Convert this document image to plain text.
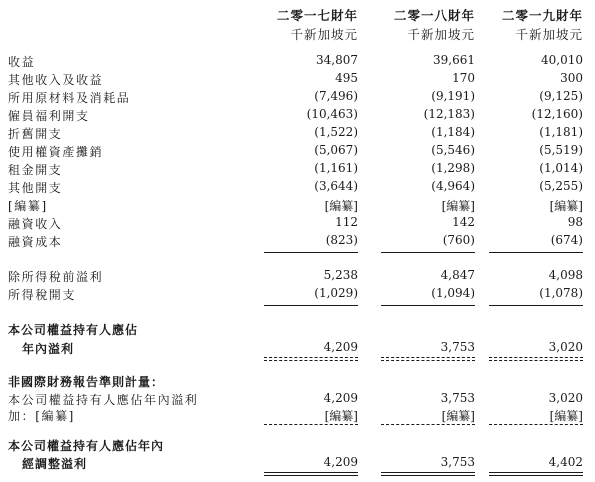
二零一七財年	二零一八財年 二零一九財年
千新加坡元	千新加坡元	千新加坡元
收益	34,807	39,661	40,010
其他收入及收益	495	170	300
所用原材料及消耗品	(7,496)	(9,191)	(9,125)
僱員福利開支	(10,463)	(12,183)	(12,160)
折舊開支	(1,522)	(1,184)	(1,181)
使用權資產攤銷	(5,067)	(5,546)	(5,519)
租金開支	(1,161)	(1,298)	(1,014)
其他開支	(3,644)	(4,964)	(5,255)
[編纂]	[編纂]	[編纂]	[編纂]
融資收入	112	142	98
融資成本	(823)	(760)	(674)
除所得稅前溢利	5,238	4,847	4,098
所得稅開支	(1,029)	(1,094)	(1,078)
本公司權益持有人應佔
年內溢利	4,209	3,753	3,020
非國際財務報告準則計量：
本公司權益持有人應佔年內溢利	4,209	3,753	3,020
加：[編纂]	[編纂]	[編纂]	[編纂]
本公司權益持有人應佔年內
經調整溢利	4,209	3,753	4,402
